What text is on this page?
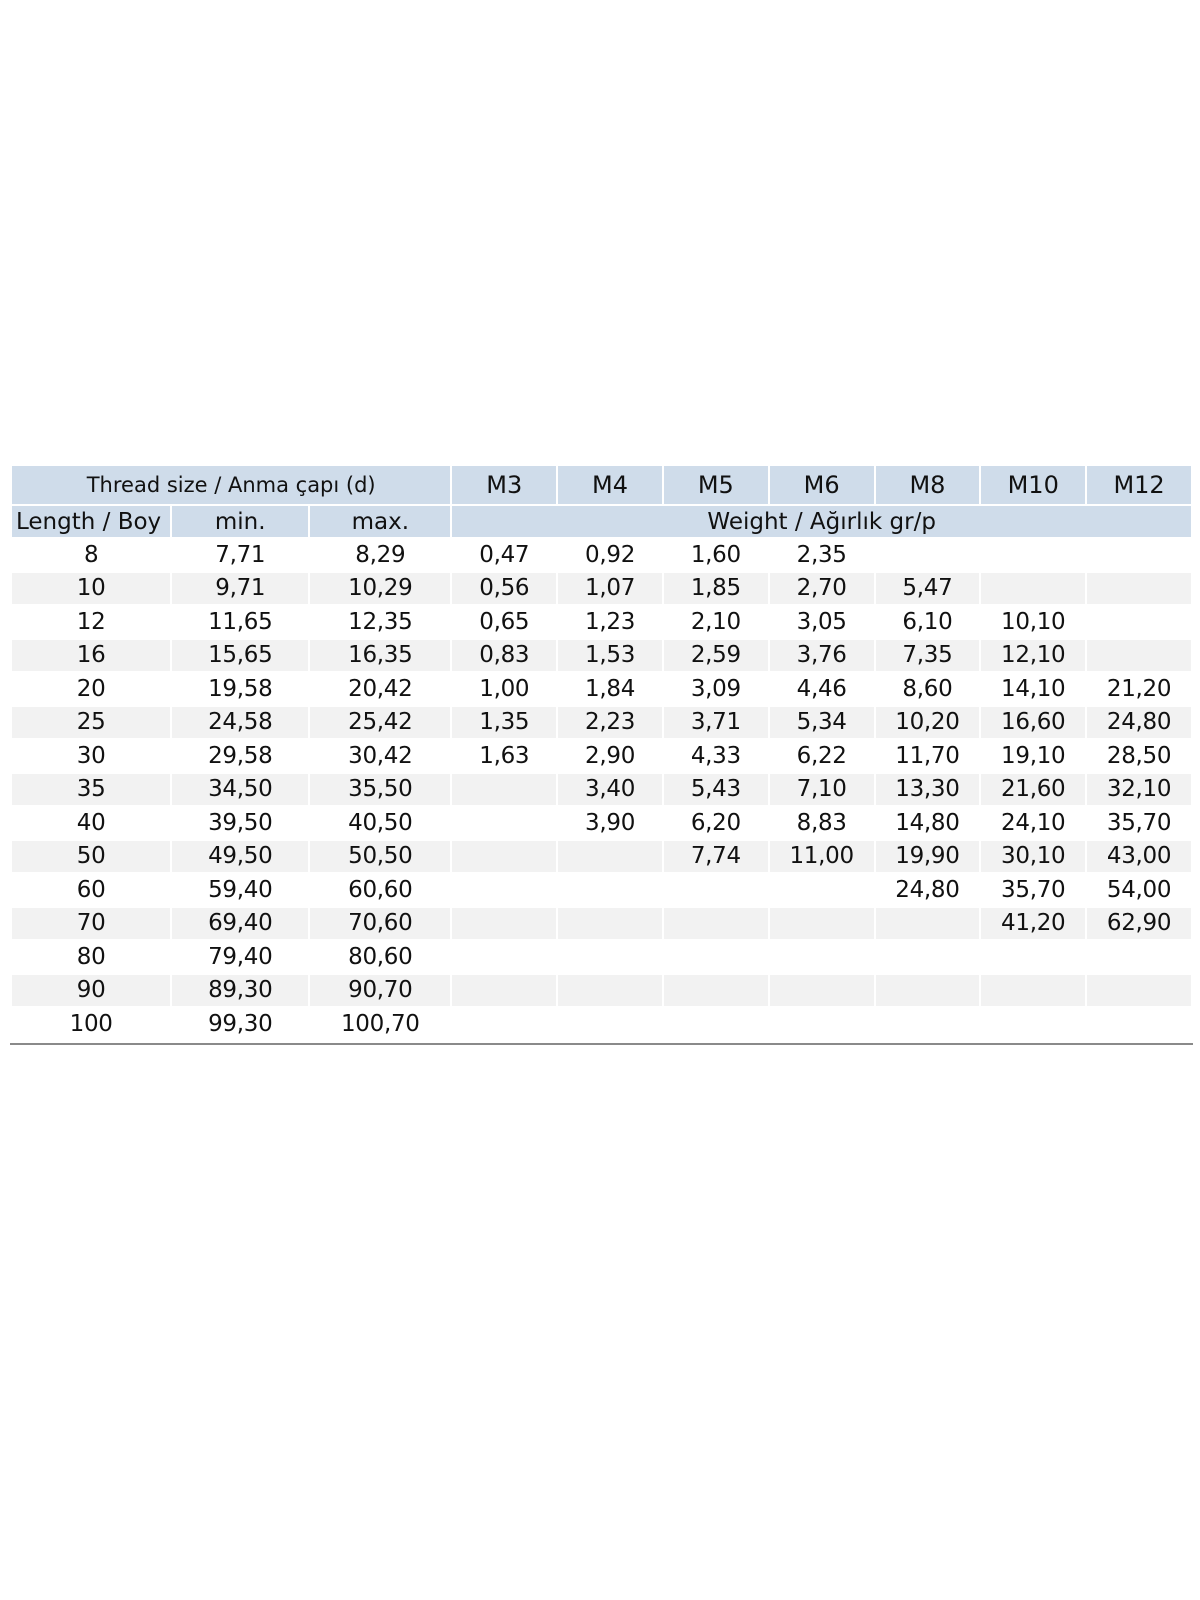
Thread size / Anma çapı (d)			M3	M4	M5	M6	M8	M10	M12
Length / Boy	min.	max.	Weight / Ağırlık gr/p						
8	7,71	8,29	0,47	0,92	1,60	2,35			
10	9,71	10,29	0,56	1,07	1,85	2,70	5,47		
12	11,65	12,35	0,65	1,23	2,10	3,05	6,10	10,10	
16	15,65	16,35	0,83	1,53	2,59	3,76	7,35	12,10	
20	19,58	20,42	1,00	1,84	3,09	4,46	8,60	14,10	21,20
25	24,58	25,42	1,35	2,23	3,71	5,34	10,20	16,60	24,80
30	29,58	30,42	1,63	2,90	4,33	6,22	11,70	19,10	28,50
35	34,50	35,50		3,40	5,43	7,10	13,30	21,60	32,10
40	39,50	40,50		3,90	6,20	8,83	14,80	24,10	35,70
50	49,50	50,50			7,74	11,00	19,90	30,10	43,00
60	59,40	60,60					24,80	35,70	54,00
70	69,40	70,60						41,20	62,90
80	79,40	80,60							
90	89,30	90,70							
100	99,30	100,70							
